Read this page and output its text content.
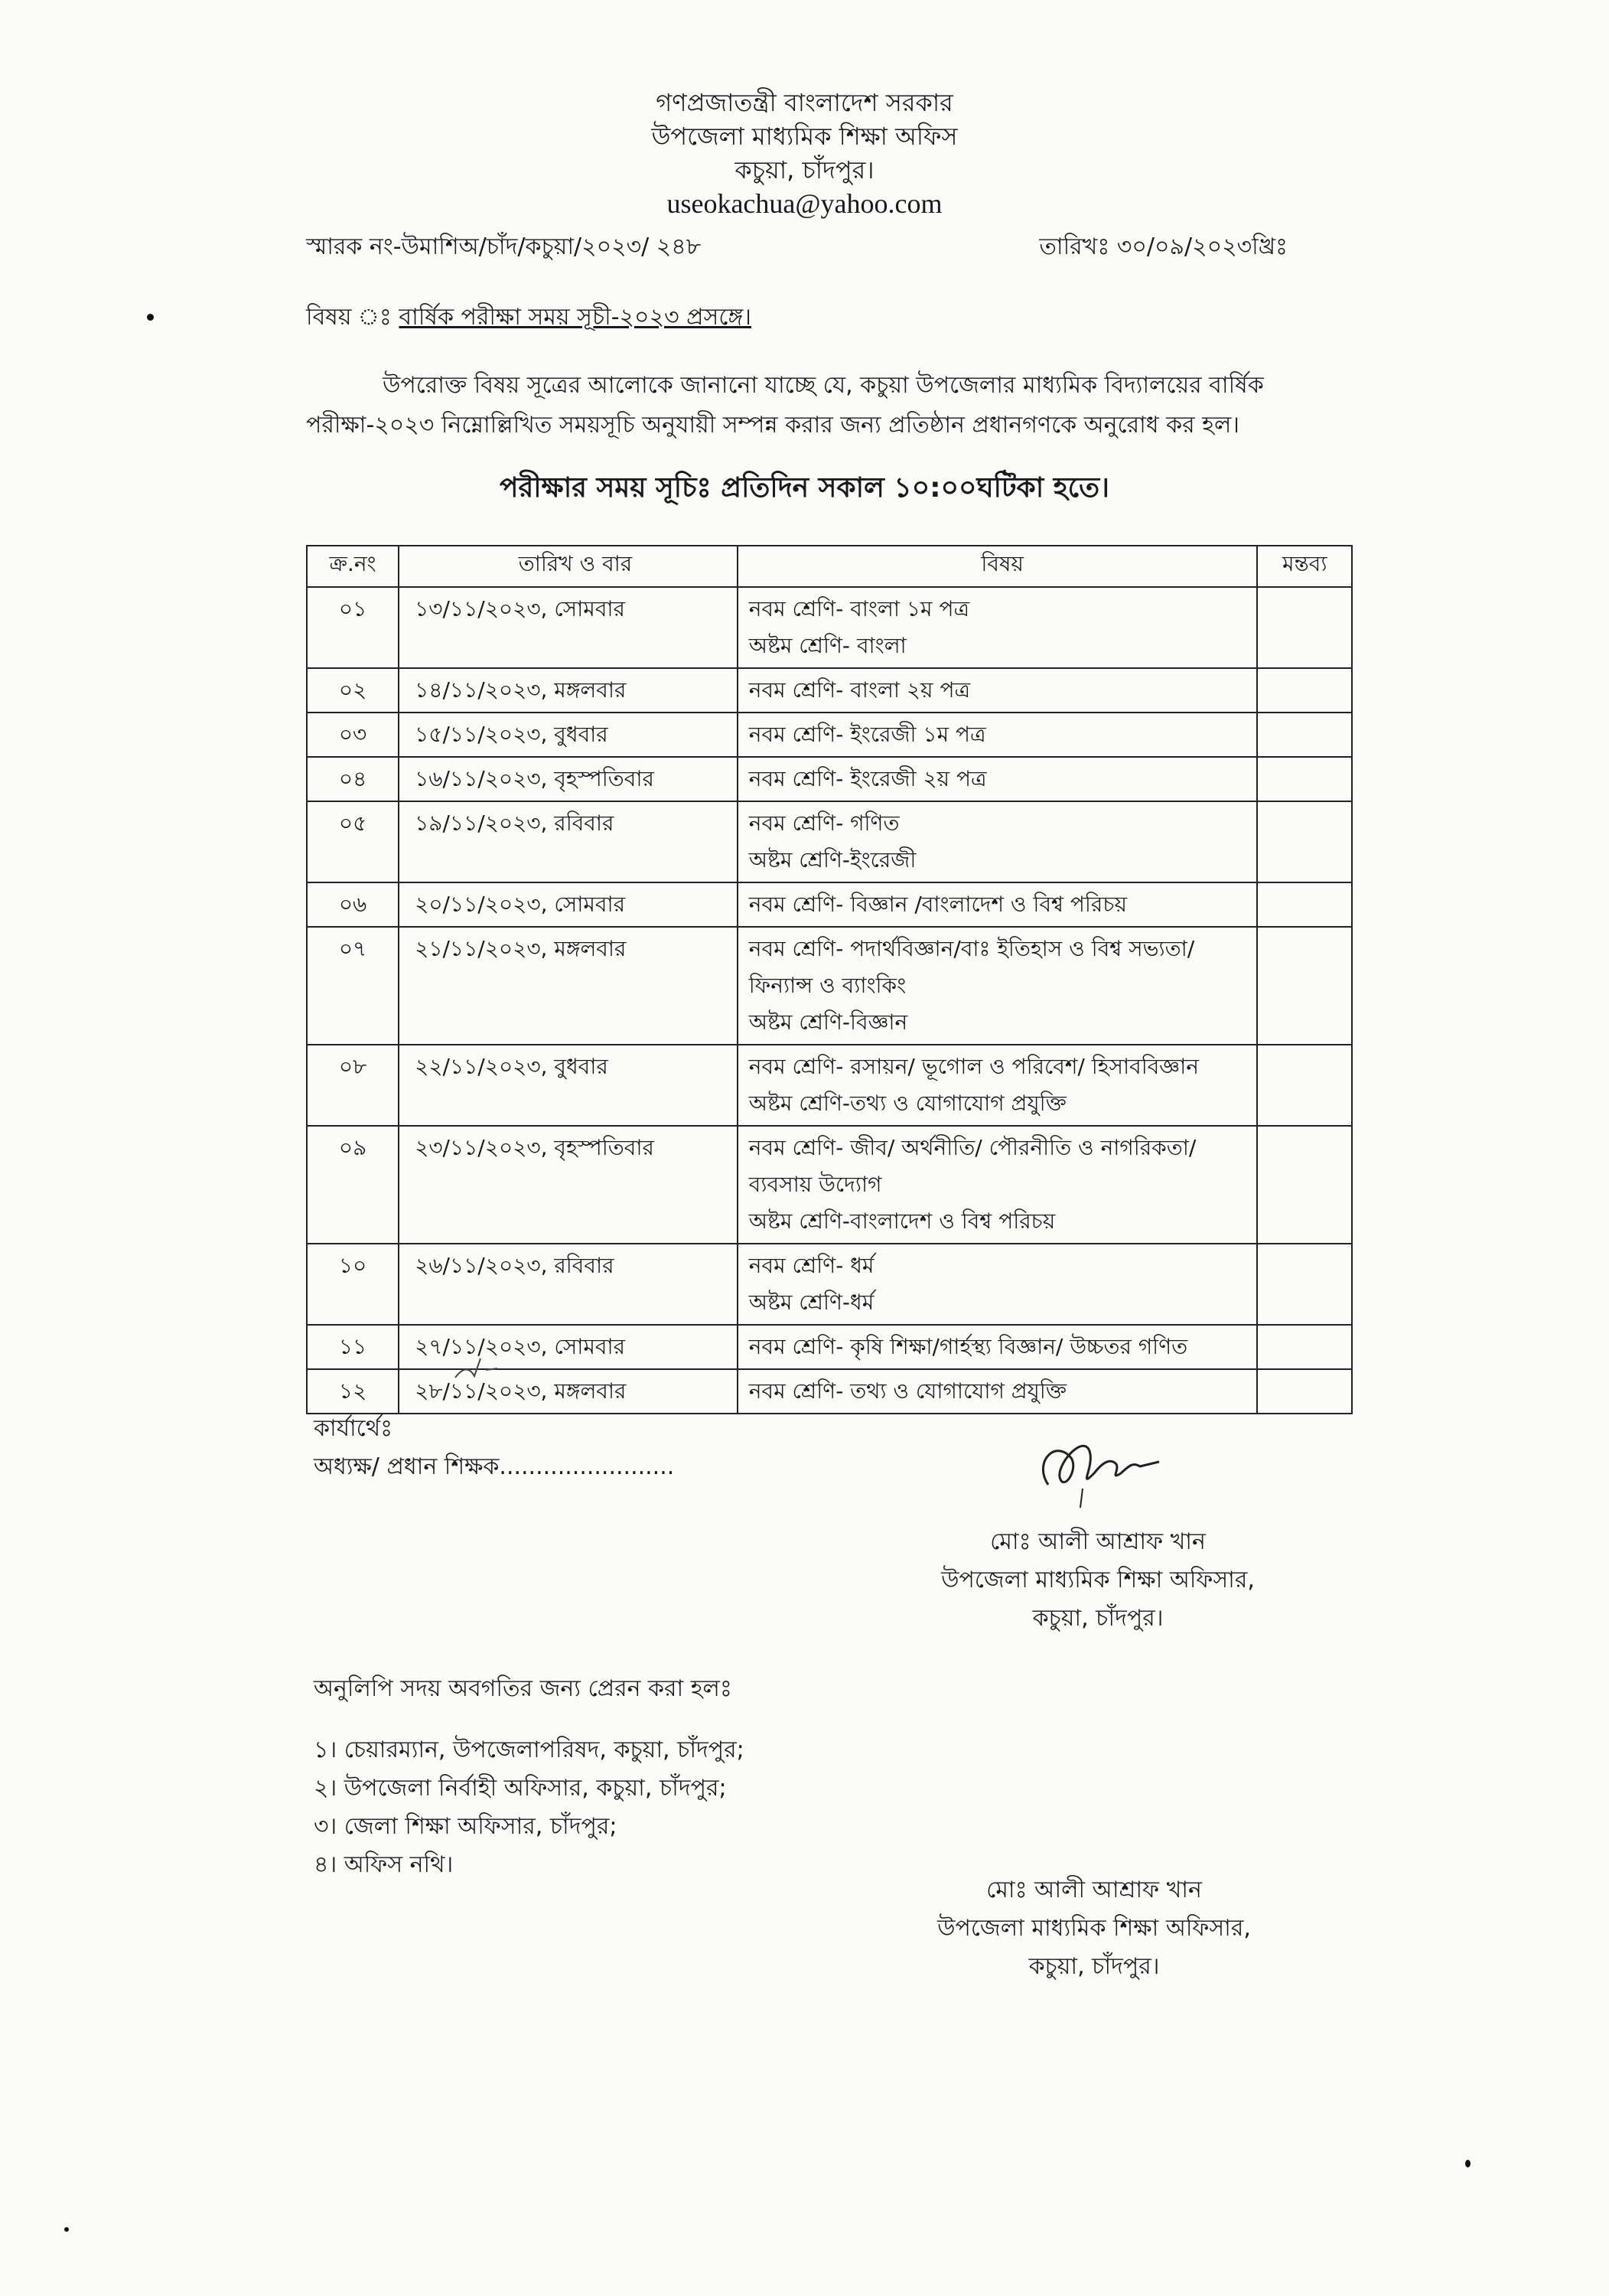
গণপ্রজাতন্ত্রী বাংলাদেশ সরকার
উপজেলা মাধ্যমিক শিক্ষা অফিস
কচুয়া, চাঁদপুর।
useokachua@yahoo.com
স্মারক নং-উমাশিঅ/চাঁদ/কচুয়া/২০২৩/ ২৪৮	তারিখঃ ৩০/০৯/২০২৩খ্রিঃ
বিষয় ঃ বার্ষিক পরীক্ষা সময় সূচী-২০২৩ প্রসঙ্গে।
উপরোক্ত বিষয় সূত্রের আলোকে জানানো যাচ্ছে যে, কচুয়া উপজেলার মাধ্যমিক বিদ্যালয়ের বার্ষিক পরীক্ষা-২০২৩ নিম্নোল্লিখিত সময়সূচি অনুযায়ী সম্পন্ন করার জন্য প্রতিষ্ঠান প্রধানগণকে অনুরোধ কর হল।
পরীক্ষার সময় সূচিঃ প্রতিদিন সকাল ১০:০০ঘটিকা হতে।
ক্র.নং	তারিখ ও বার	বিষয়	মন্তব্য
০১	১৩/১১/২০২৩, সোমবার	নবম শ্রেণি- বাংলা ১ম পত্র
অষ্টম শ্রেণি- বাংলা	

০২	১৪/১১/২০২৩, মঙ্গলবার	নবম শ্রেণি- বাংলা ২য় পত্র	

০৩	১৫/১১/২০২৩, বুধবার	নবম শ্রেণি- ইংরেজী ১ম পত্র	

০৪	১৬/১১/২০২৩, বৃহস্পতিবার	নবম শ্রেণি- ইংরেজী ২য় পত্র	

০৫	১৯/১১/২০২৩, রবিবার	নবম শ্রেণি- গণিত
অষ্টম শ্রেণি-ইংরেজী	

০৬	২০/১১/২০২৩, সোমবার	নবম শ্রেণি- বিজ্ঞান /বাংলাদেশ ও বিশ্ব পরিচয়	

০৭	২১/১১/২০২৩, মঙ্গলবার	নবম শ্রেণি- পদার্থবিজ্ঞান/বাঃ ইতিহাস ও বিশ্ব সভ্যতা/
ফিন্যান্স ও ব্যাংকিং
অষ্টম শ্রেণি-বিজ্ঞান	

০৮	২২/১১/২০২৩, বুধবার	নবম শ্রেণি- রসায়ন/ ভূগোল ও পরিবেশ/ হিসাববিজ্ঞান
অষ্টম শ্রেণি-তথ্য ও যোগাযোগ প্রযুক্তি	

০৯	২৩/১১/২০২৩, বৃহস্পতিবার	নবম শ্রেণি- জীব/ অর্থনীতি/ পৌরনীতি ও নাগরিকতা/
ব্যবসায় উদ্যোগ
অষ্টম শ্রেণি-বাংলাদেশ ও বিশ্ব পরিচয়	

১০	২৬/১১/২০২৩, রবিবার	নবম শ্রেণি- ধর্ম
অষ্টম শ্রেণি-ধর্ম	

১১	২৭/১১/২০২৩, সোমবার	নবম শ্রেণি- কৃষি শিক্ষা/গার্হস্থ্য বিজ্ঞান/ উচ্চতর গণিত	

১২	২৮/১১/২০২৩, মঙ্গলবার	নবম শ্রেণি- তথ্য ও যোগাযোগ প্রযুক্তি	

কার্যার্থেঃ
অধ্যক্ষ/ প্রধান শিক্ষক........................
মোঃ আলী আশ্রাফ খান
উপজেলা মাধ্যমিক শিক্ষা অফিসার,
কচুয়া, চাঁদপুর।
অনুলিপি সদয় অবগতির জন্য প্রেরন করা হলঃ
১। চেয়ারম্যান, উপজেলাপরিষদ, কচুয়া, চাঁদপুর;
২। উপজেলা নির্বাহী অফিসার, কচুয়া, চাঁদপুর;
৩। জেলা শিক্ষা অফিসার, চাঁদপুর;
৪। অফিস নথি।
মোঃ আলী আশ্রাফ খান
উপজেলা মাধ্যমিক শিক্ষা অফিসার,
কচুয়া, চাঁদপুর।
